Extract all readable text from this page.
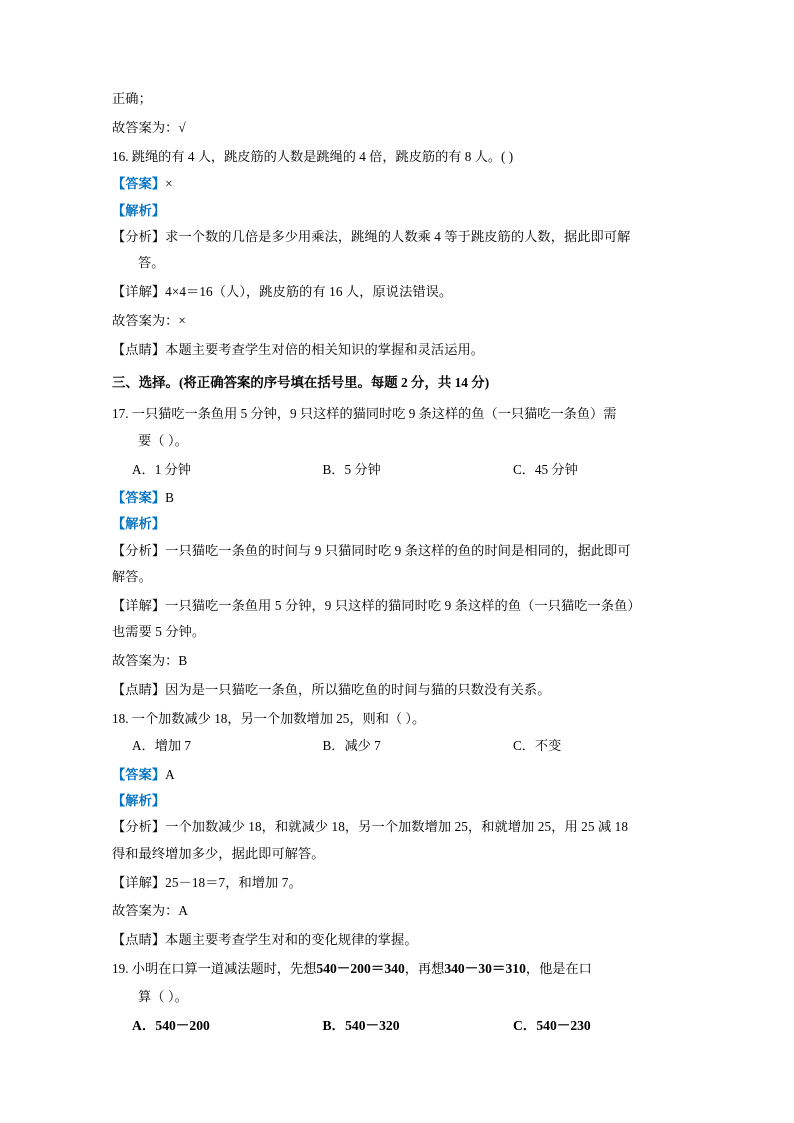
正确；

故答案为：√

16. 跳绳的有 4 人，跳皮筋的人数是跳绳的 4 倍，跳皮筋的有 8 人。( )

【答案】×

【解析】

【分析】求一个数的几倍是多少用乘法，跳绳的人数乘 4 等于跳皮筋的人数，据此即可解

答。

【详解】4×4＝16（人），跳皮筋的有 16 人，原说法错误。

故答案为：×

【点睛】本题主要考查学生对倍的相关知识的掌握和灵活运用。

三、选择。(将正确答案的序号填在括号里。每题 2 分，共 14 分)

17. 一只猫吃一条鱼用 5 分钟，9 只这样的猫同时吃 9 条这样的鱼（一只猫吃一条鱼）需

要（ ）。

A．1 分钟	B．5 分钟	C．45 分钟

【答案】B

【解析】

【分析】一只猫吃一条鱼的时间与 9 只猫同时吃 9 条这样的鱼的时间是相同的，据此即可

解答。

【详解】一只猫吃一条鱼用 5 分钟，9 只这样的猫同时吃 9 条这样的鱼（一只猫吃一条鱼）

也需要 5 分钟。

故答案为：B

【点睛】因为是一只猫吃一条鱼，所以猫吃鱼的时间与猫的只数没有关系。

18. 一个加数减少 18，另一个加数增加 25，则和（ ）。

A．增加 7	B．减少 7	C．不变

【答案】A

【解析】

【分析】一个加数减少 18，和就减少 18，另一个加数增加 25，和就增加 25，用 25 减 18

得和最终增加多少，据此即可解答。

【详解】25－18＝7，和增加 7。

故答案为：A

【点睛】本题主要考查学生对和的变化规律的掌握。

19. 小明在口算一道减法题时，先想540－200＝340，再想340－30＝310，他是在口

算（ ）。

A．540－200	B．540－320	C．540－230
